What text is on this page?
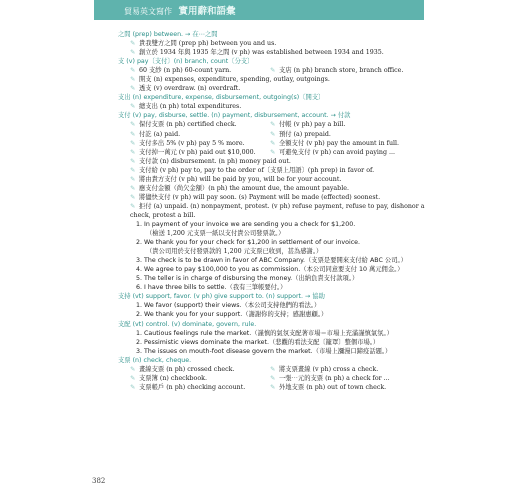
貿易英文寫作 實用辭和語彙
之間 (prep) between. → 在⋯之間
✎ 貴我雙方之間 (prep ph) between you and us.
✎ 創立於 1934 年與 1935 年之間 (v ph) was established between 1934 and 1935.
支 (v) pay〔支付〕(n) branch, count〔分支〕
✎ 60 支紗 (n ph) 60-count yarn.	✎ 支店 (n ph) branch store, branch office.
✎ 開支 (n) expenses, expenditure, spending, outlay, outgoings.
✎ 透支 (v) overdraw. (n) overdraft.
支出 (n) expenditure, expense, disbursement, outgoing(s)〔開支〕
✎ 總支出 (n ph) total expenditures.
支付 (v) pay, disburse, settle. (n) payment, disbursement, account. → 付款
✎ 保付支票 (n ph) certified check.	✎ 付帳 (v ph) pay a bill.
✎ 付訖 (a) paid.	✎ 預付 (a) prepaid.
✎ 支付多出 5% (v ph) pay 5 % more.	✎ 全額支付 (v ph) pay the amount in full.
✎ 支付掉一萬元 (v ph) paid out $10,000. ✎ 可避免支付 (v ph) can avoid paying ...
✎ 支付款 (n) disbursement. (n ph) money paid out.
✎ 支付給 (v ph) pay to, pay to the order of〔支票上用語〕(ph prep) in favor of.
✎ 將由貴方支付 (v ph) will be paid by you, will be for your account.
✎ 應支付金額（尚欠金額）(n ph) the amount due, the amount payable.
✎ 將儘快支付 (v ph) will pay soon. (s) Payment will be made (effected) soonest.
✎ 拒付 (a) unpaid. (n) nonpayment, protest. (v ph) refuse payment, refuse to pay, dishonor a
check, protest a bill.
1. In payment of your invoice we are sending you a check for $1,200.
（檢送 1,200 元支票一紙以支付貴公司發票款。）
2. We thank you for your check for $1,200 in settlement of our invoice.
（貴公司用於支付發票款的 1,200 元支票已收到，甚為感謝。）
3. The check is to be drawn in favor of ABC Company.（支票是要開來支付給 ABC 公司。）
4. We agree to pay $100,000 to you as commission.（本公司同意要支付 10 萬元佣金。）
5. The teller is in charge of disbursing the money.（出納負責支付款項。）
6. I have three bills to settle.（我有三筆帳要付。）
支持 (vt) support, favor. (v ph) give support to. (n) support. → 協助
1. We favor (support) their views.（本公司支持他們的看法。）
2. We thank you for your support.（謝謝你的支持；感謝惠顧。）
支配 (vt) control. (v) dominate, govern, rule.
1. Cautious feelings rule the market.（謹慎的氣氛支配著市場＝市場上充滿謹慎氣氛。）
2. Pessimistic views dominate the market.（悲觀的看法支配〔籠罩〕整個市場。）
3. The issues on mouth-foot disease govern the market.（市場上瀰漫口蹄疫話題。）
支票 (n) check, cheque.
✎ 畫線支票 (n ph) crossed check.	✎ 將支票畫線 (v ph) cross a check.
✎ 支票簿 (n) checkbook.	✎ 一張⋯元的支票 (n ph) a check for ...
✎ 支票帳戶 (n ph) checking account.	✎ 外地支票 (n ph) out of town check.
382
